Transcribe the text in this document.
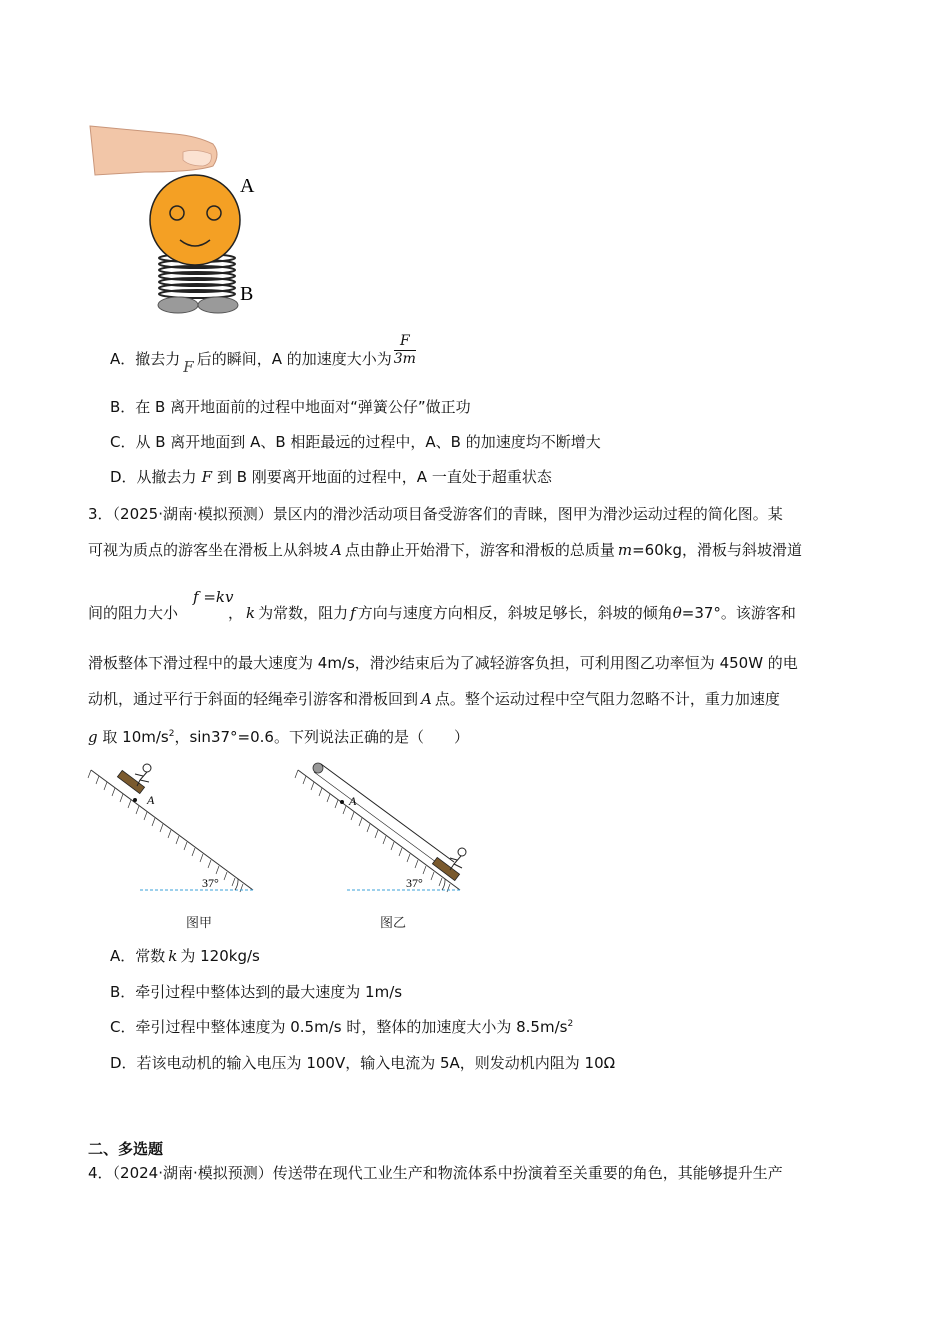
A
B
A．撤去力 F 后的瞬间，A 的加速度大小为 $\frac{F}{3m}$
B．在 B 离开地面前的过程中地面对“弹簧公仔”做正功
C．从 B 离开地面到 A、B 相距最远的过程中，A、B 的加速度均不断增大
D．从撤去力 F 到 B 刚要离开地面的过程中，A 一直处于超重状态
3．（2025·湖南·模拟预测）景区内的滑沙活动项目备受游客们的青睐，图甲为滑沙运动过程的简化图。某
可视为质点的游客坐在滑板上从斜坡 A 点由静止开始滑下，游客和滑板的总质量 m=60kg，滑板与斜坡滑道
f =kv
间的阻力大小	， k 为常数，阻力 f 方向与速度方向相反，斜坡足够长，斜坡的倾角θ=37°。该游客和
滑板整体下滑过程中的最大速度为 4m/s，滑沙结束后为了减轻游客负担，可利用图乙功率恒为 450W 的电
动机，通过平行于斜面的轻绳牵引游客和滑板回到 A 点。整个运动过程中空气阻力忽略不计，重力加速度
g 取 $10m/s^2$，sin37°=0.6。下列说法正确的是（　　）
37°
A
图甲
37°
A
图乙
A．常数 k 为 120kg/s
B．牵引过程中整体达到的最大速度为 1m/s
C．牵引过程中整体速度为 0.5m/s 时，整体的加速度大小为 $8.5m/s^2$
D．若该电动机的输入电压为 100V，输入电流为 5A，则发动机内阻为 10Ω
二、多选题
4．（2024·湖南·模拟预测）传送带在现代工业生产和物流体系中扮演着至关重要的角色，其能够提升生产
